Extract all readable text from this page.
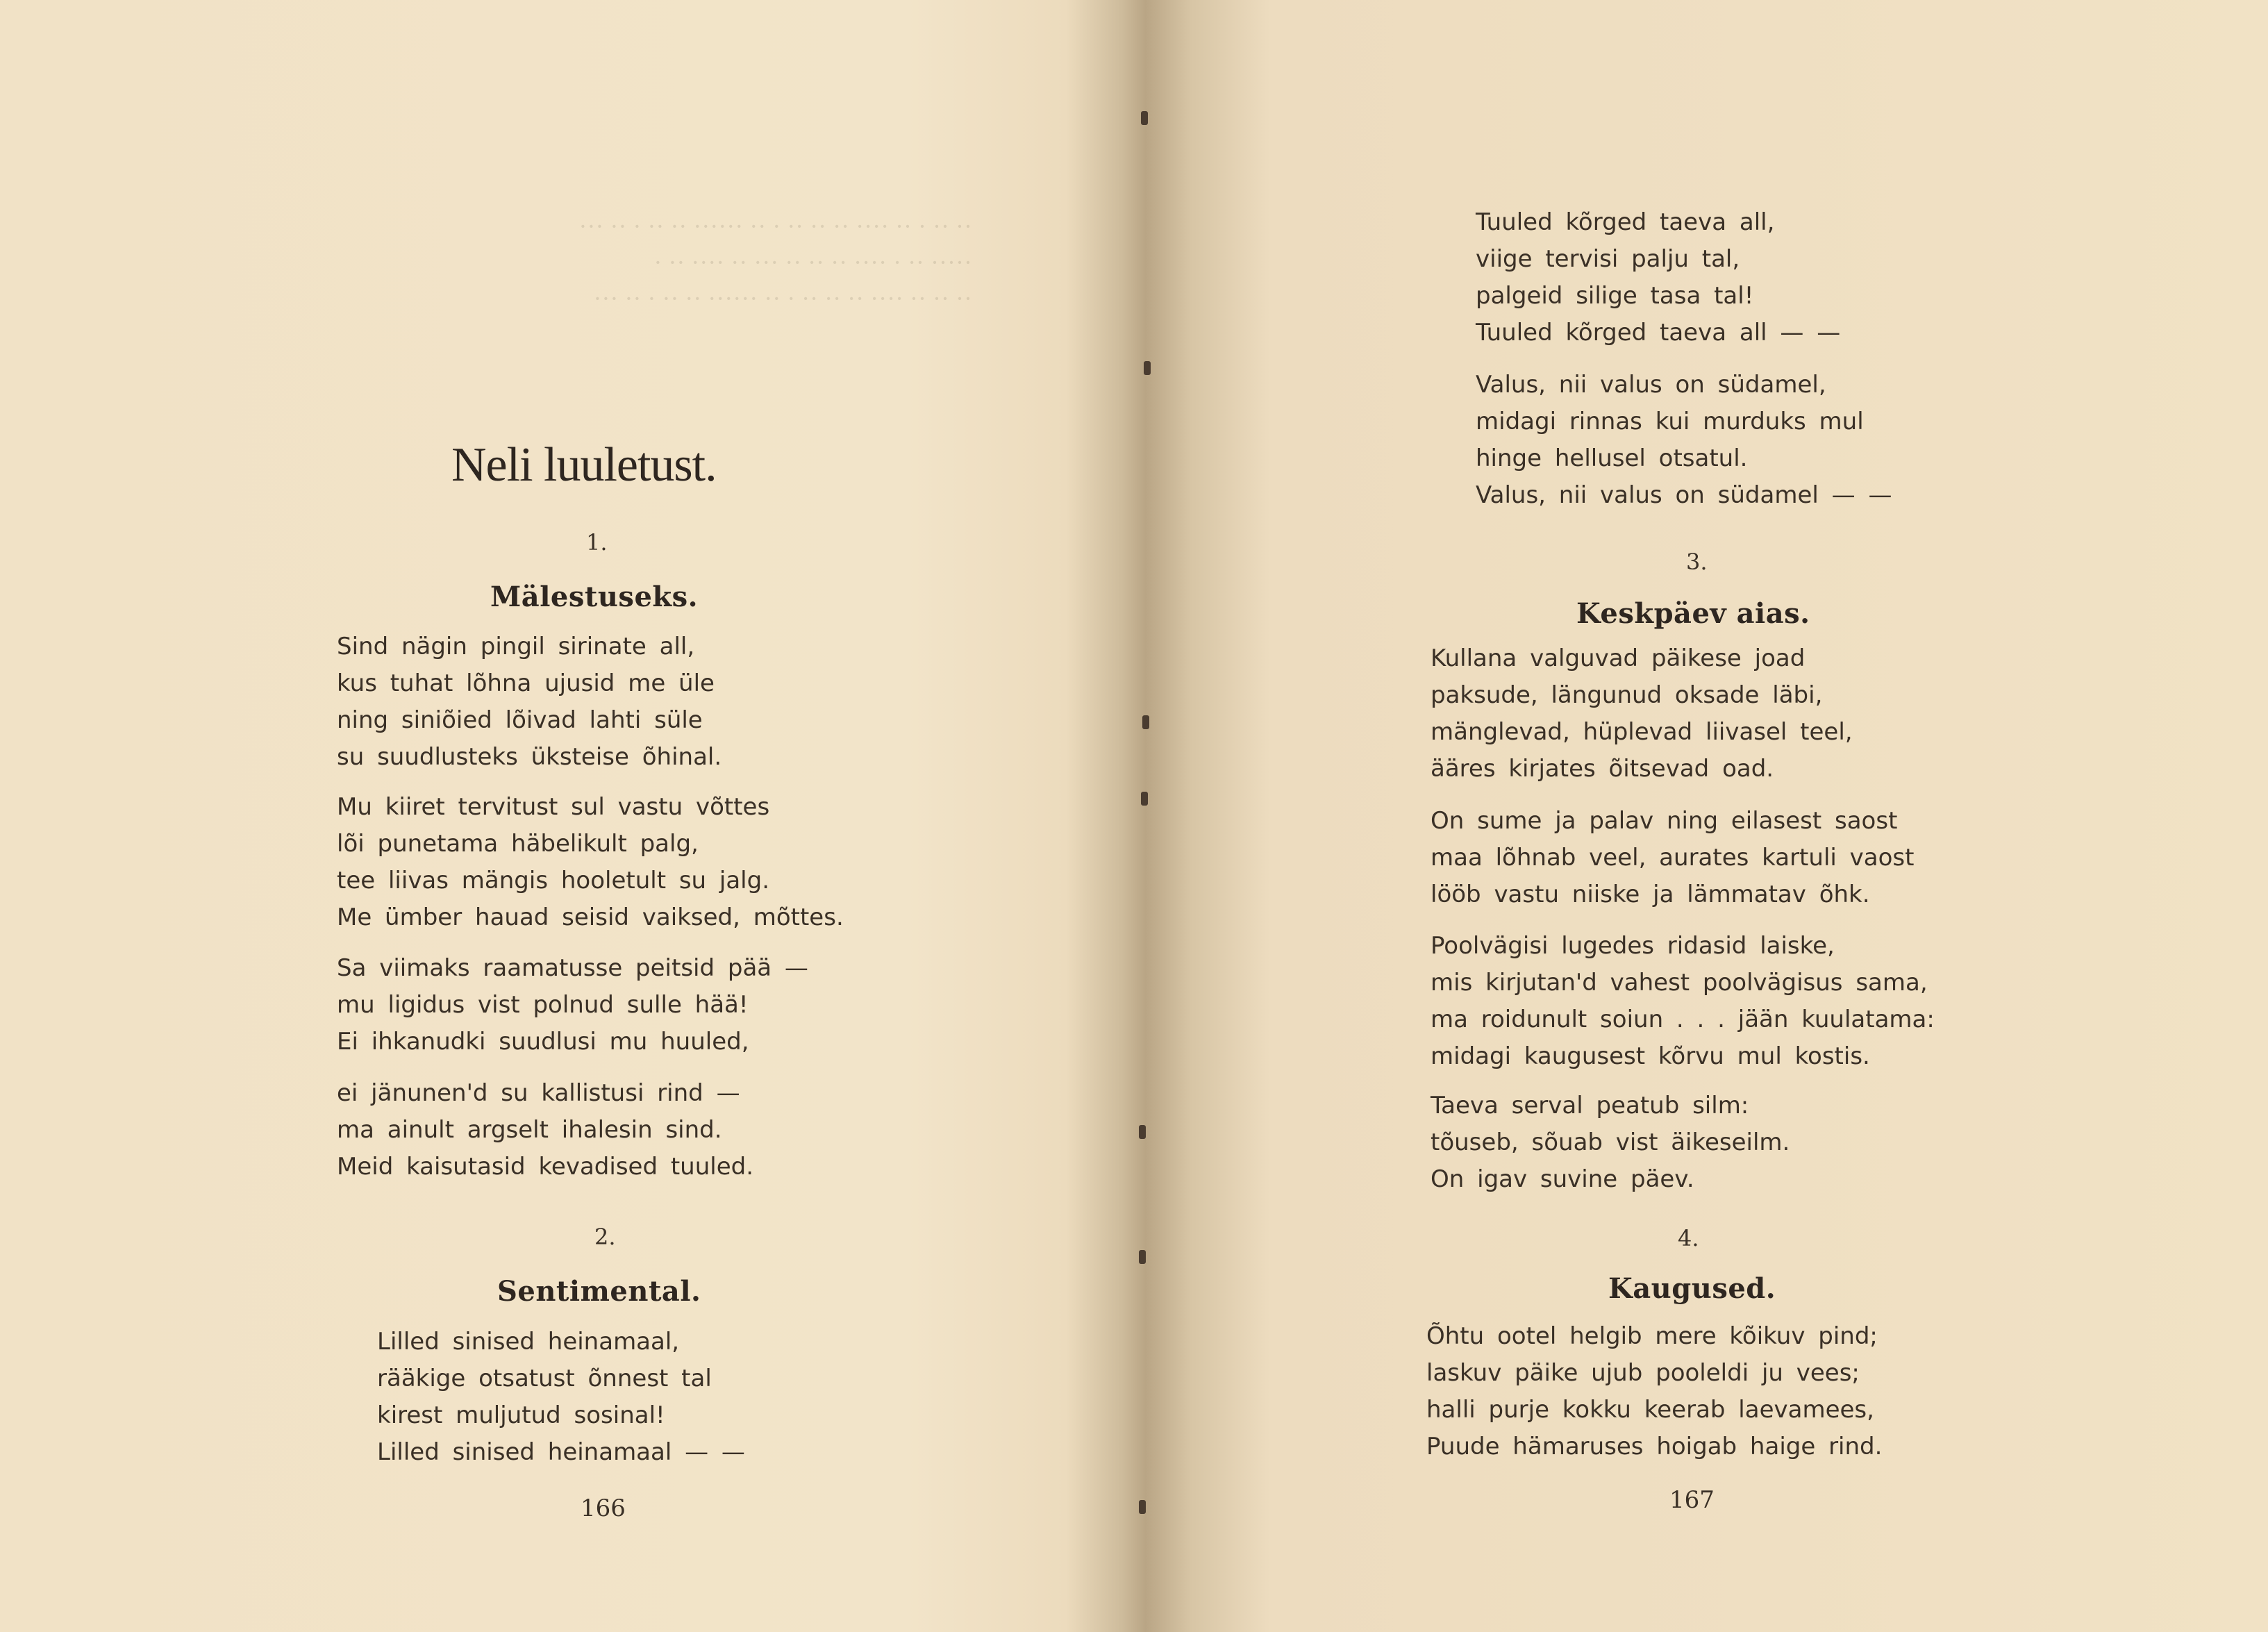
·· ·· · ·· ···· ·· ·· ·· · ·· ······ ·· ·· · ·· ···
····· ·· · ···· ·· ·· ·· ··· ·· ···· ·· ·
·· ·· ·· ···· ·· ·· ·· · ·· ······ ·· ·· · ·· ···

Neli luuletust.
1.
Mälestuseks.
Sind nägin pingil sirinate all,
kus tuhat lõhna ujusid me üle
ning siniõied lõivad lahti süle
su suudlusteks üksteise õhinal.
Mu kiiret tervitust sul vastu võttes
lõi punetama häbelikult palg,
tee liivas mängis hooletult su jalg.
Me ümber hauad seisid vaiksed, mõttes.
Sa viimaks raamatusse peitsid pää —
mu ligidus vist polnud sulle hää!
Ei ihkanudki suudlusi mu huuled,
ei jänunen'd su kallistusi rind —
ma ainult argselt ihalesin sind.
Meid kaisutasid kevadised tuuled.
2.
Sentimental.
Lilled sinised heinamaal,
rääkige otsatust õnnest tal
kirest muljutud sosinal!
Lilled sinised heinamaal — —
166
Tuuled kõrged taeva all,
viige tervisi palju tal,
palgeid silige tasa tal!
Tuuled kõrged taeva all — —
Valus, nii valus on südamel,
midagi rinnas kui murduks mul
hinge hellusel otsatul.
Valus, nii valus on südamel — —
3.
Keskpäev aias.
Kullana valguvad päikese joad
paksude, längunud oksade läbi,
mänglevad, hüplevad liivasel teel,
ääres kirjates õitsevad oad.
On sume ja palav ning eilasest saost
maa lõhnab veel, aurates kartuli vaost
lööb vastu niiske ja lämmatav õhk.
Poolvägisi lugedes ridasid laiske,
mis kirjutan'd vahest poolvägisus sama,
ma roidunult soiun . . . jään kuulatama:
midagi kaugusest kõrvu mul kostis.
Taeva serval peatub silm:
tõuseb, sõuab vist äikeseilm.
On igav suvine päev.
4.
Kaugused.
Õhtu ootel helgib mere kõikuv pind;
laskuv päike ujub pooleldi ju vees;
halli purje kokku keerab laevamees,
Puude hämaruses hoigab haige rind.
167
